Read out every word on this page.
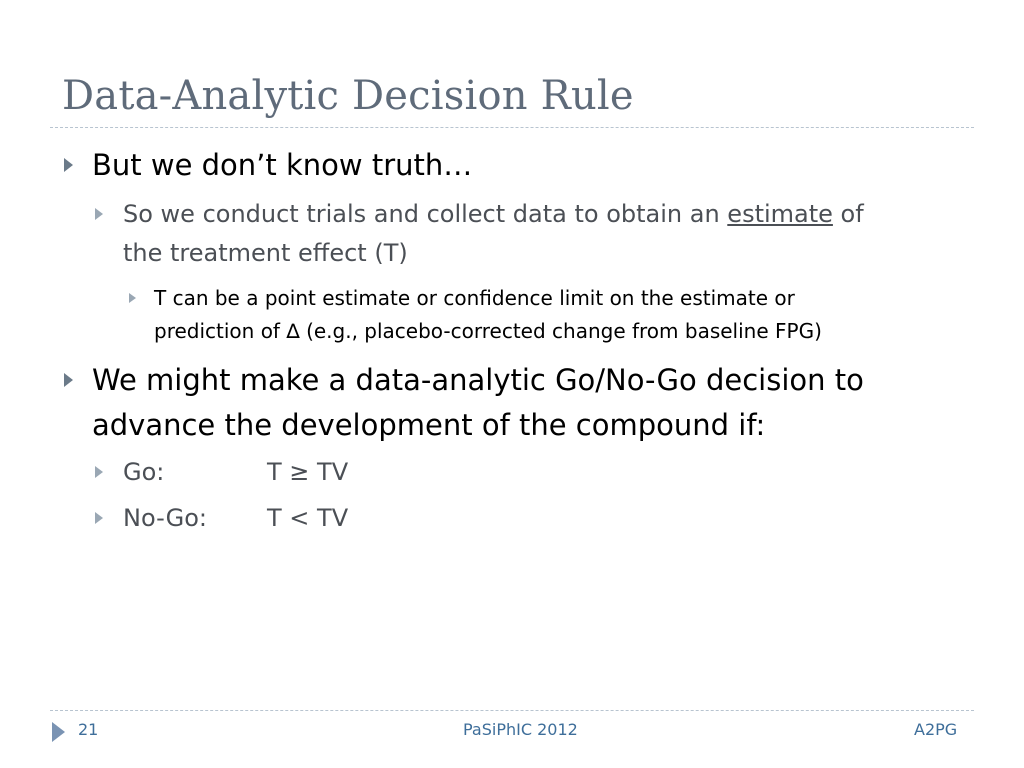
Data-Analytic Decision Rule
But we don’t know truth…
So we conduct trials and collect data to obtain an estimate of
the treatment effect (T)
T can be a point estimate or confidence limit on the estimate or
prediction of ∆ (e.g., placebo-corrected change from baseline FPG)
We might make a data-analytic Go/No-Go decision to
advance the development of the compound if:
Go:	T ≥ TV
No-Go:	T < TV
21	PaSiPhIC 2012	A2PG
